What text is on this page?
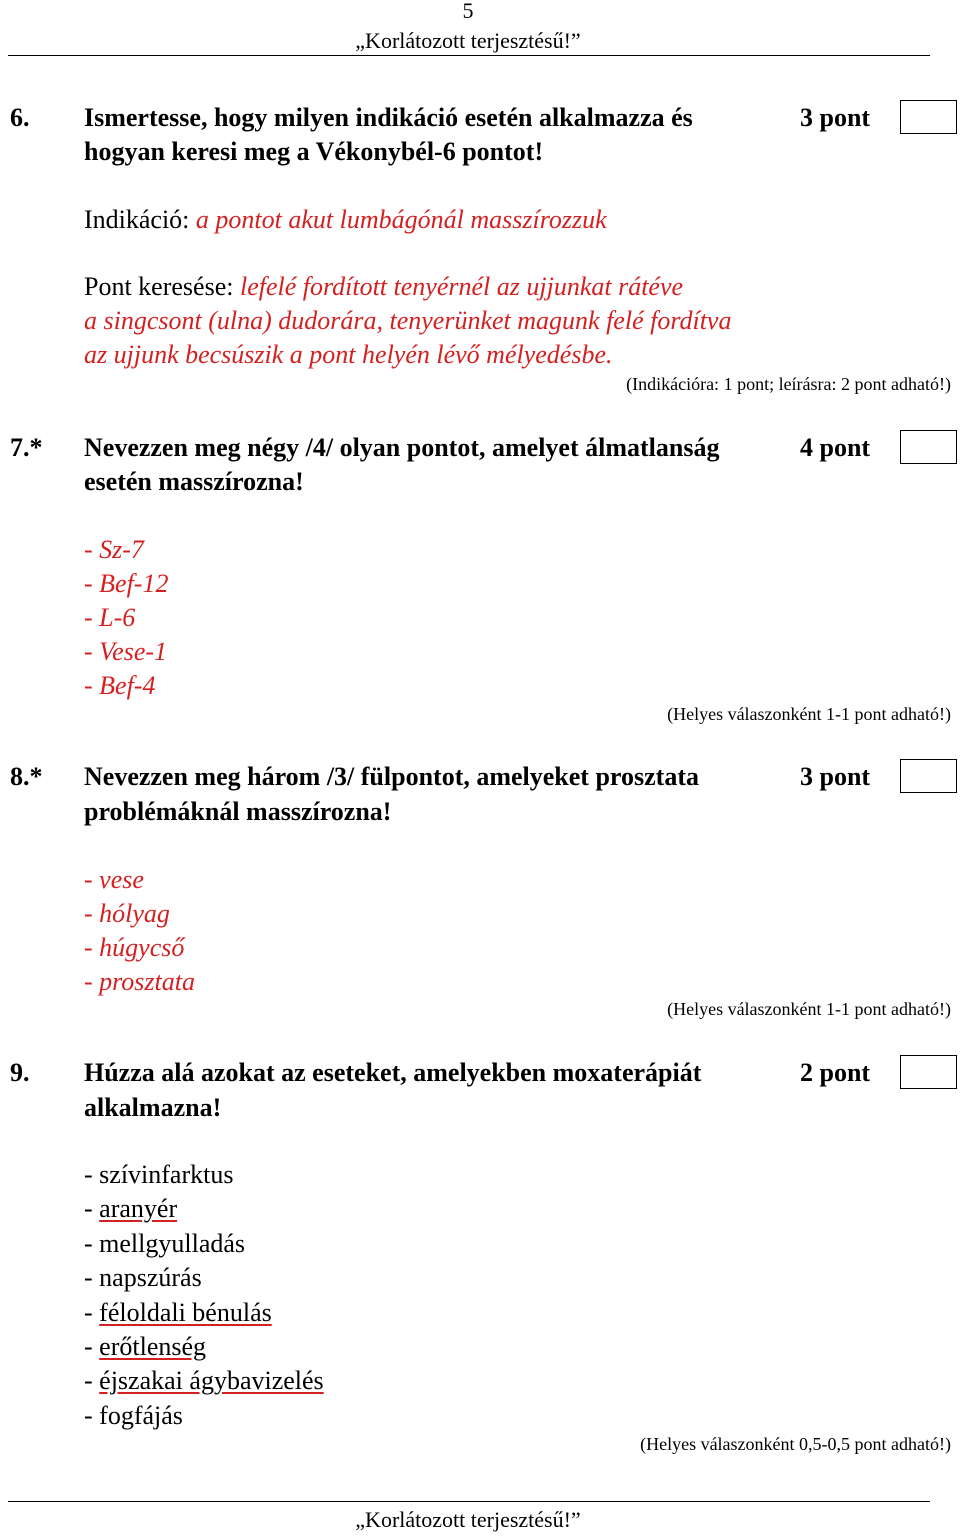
5
„Korlátozott terjesztésű!”
6. Ismertesse, hogy milyen indikáció esetén alkalmazza és
hogyan keresi meg a Vékonybél-6 pontot!
3 pont
Indikáció: a pontot akut lumbágónál masszírozzuk
Pont keresése: lefelé fordított tenyérnél az ujjunkat rátéve
a singcsont (ulna) dudorára, tenyerünket magunk felé fordítva
az ujjunk becsúszik a pont helyén lévő mélyedésbe.
(Indikációra: 1 pont; leírásra: 2 pont adható!)
7.* Nevezzen meg négy /4/ olyan pontot, amelyet álmatlanság
esetén masszírozna!
4 pont
- Sz-7
- Bef-12
- L-6
- Vese-1
- Bef-4
(Helyes válaszonként 1-1 pont adható!)
8.* Nevezzen meg három /3/ fülpontot, amelyeket prosztata
problémáknál masszírozna!
3 pont
- vese
- hólyag
- húgycső
- prosztata
(Helyes válaszonként 1-1 pont adható!)
9. Húzza alá azokat az eseteket, amelyekben moxaterápiát
alkalmazna!
2 pont
- szívinfarktus
- aranyér
- mellgyulladás
- napszúrás
- féloldali bénulás
- erőtlenség
- éjszakai ágybavizelés
- fogfájás
(Helyes válaszonként 0,5-0,5 pont adható!)
„Korlátozott terjesztésű!”
